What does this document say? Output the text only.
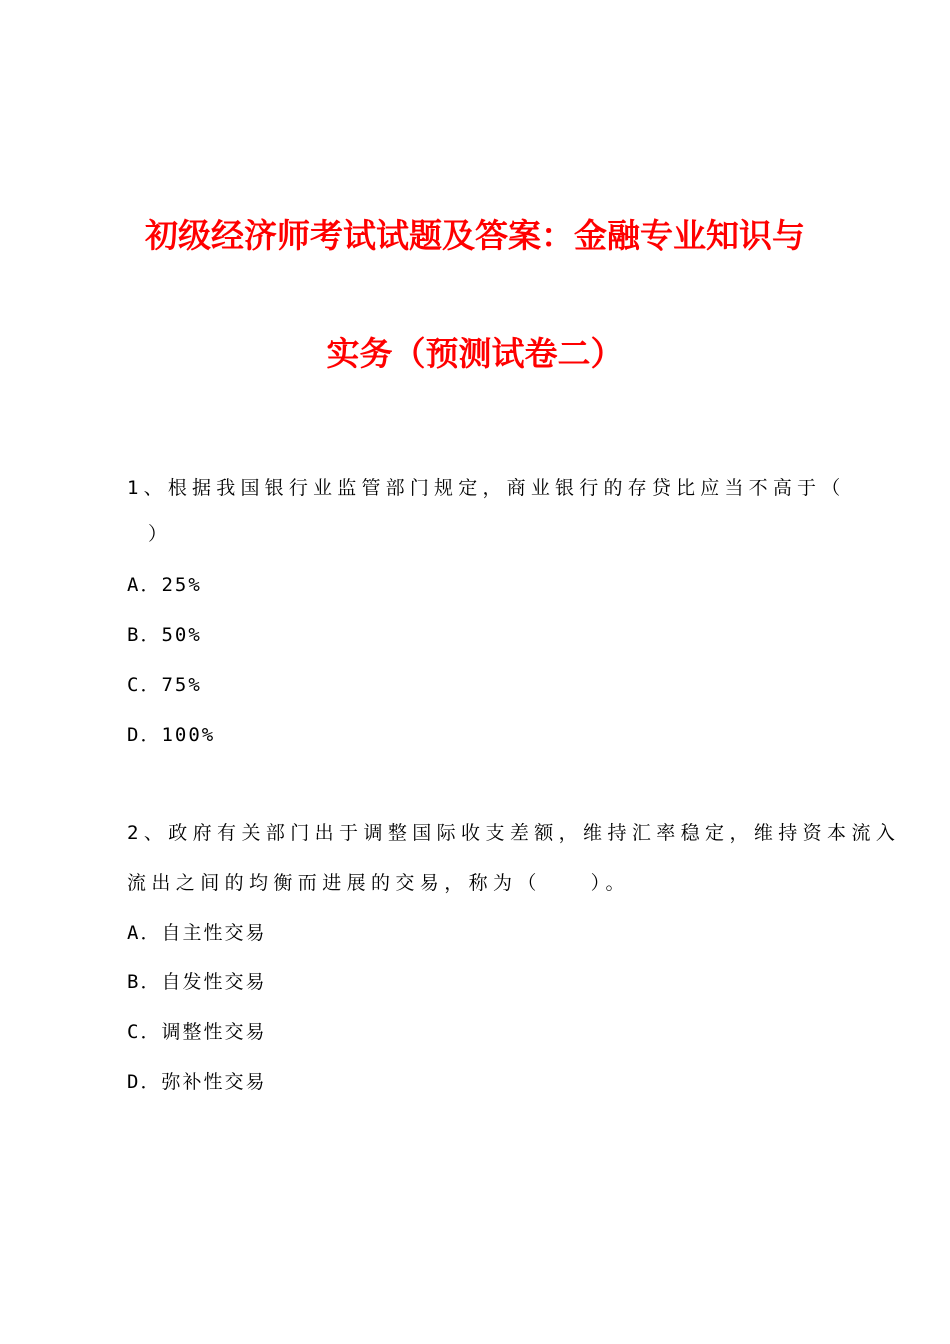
初级经济师考试试题及答案：金融专业知识与
实务（预测试卷二）
1、根据我国银行业监管部门规定，商业银行的存贷比应当不高于（
）
A．25%
B．50%
C．75%
D．100%
2、政府有关部门出于调整国际收支差额，维持汇率稳定，维持资本流入
流出之间的均衡而进展的交易，称为（　　）。
A．自主性交易
B．自发性交易
C．调整性交易
D．弥补性交易
